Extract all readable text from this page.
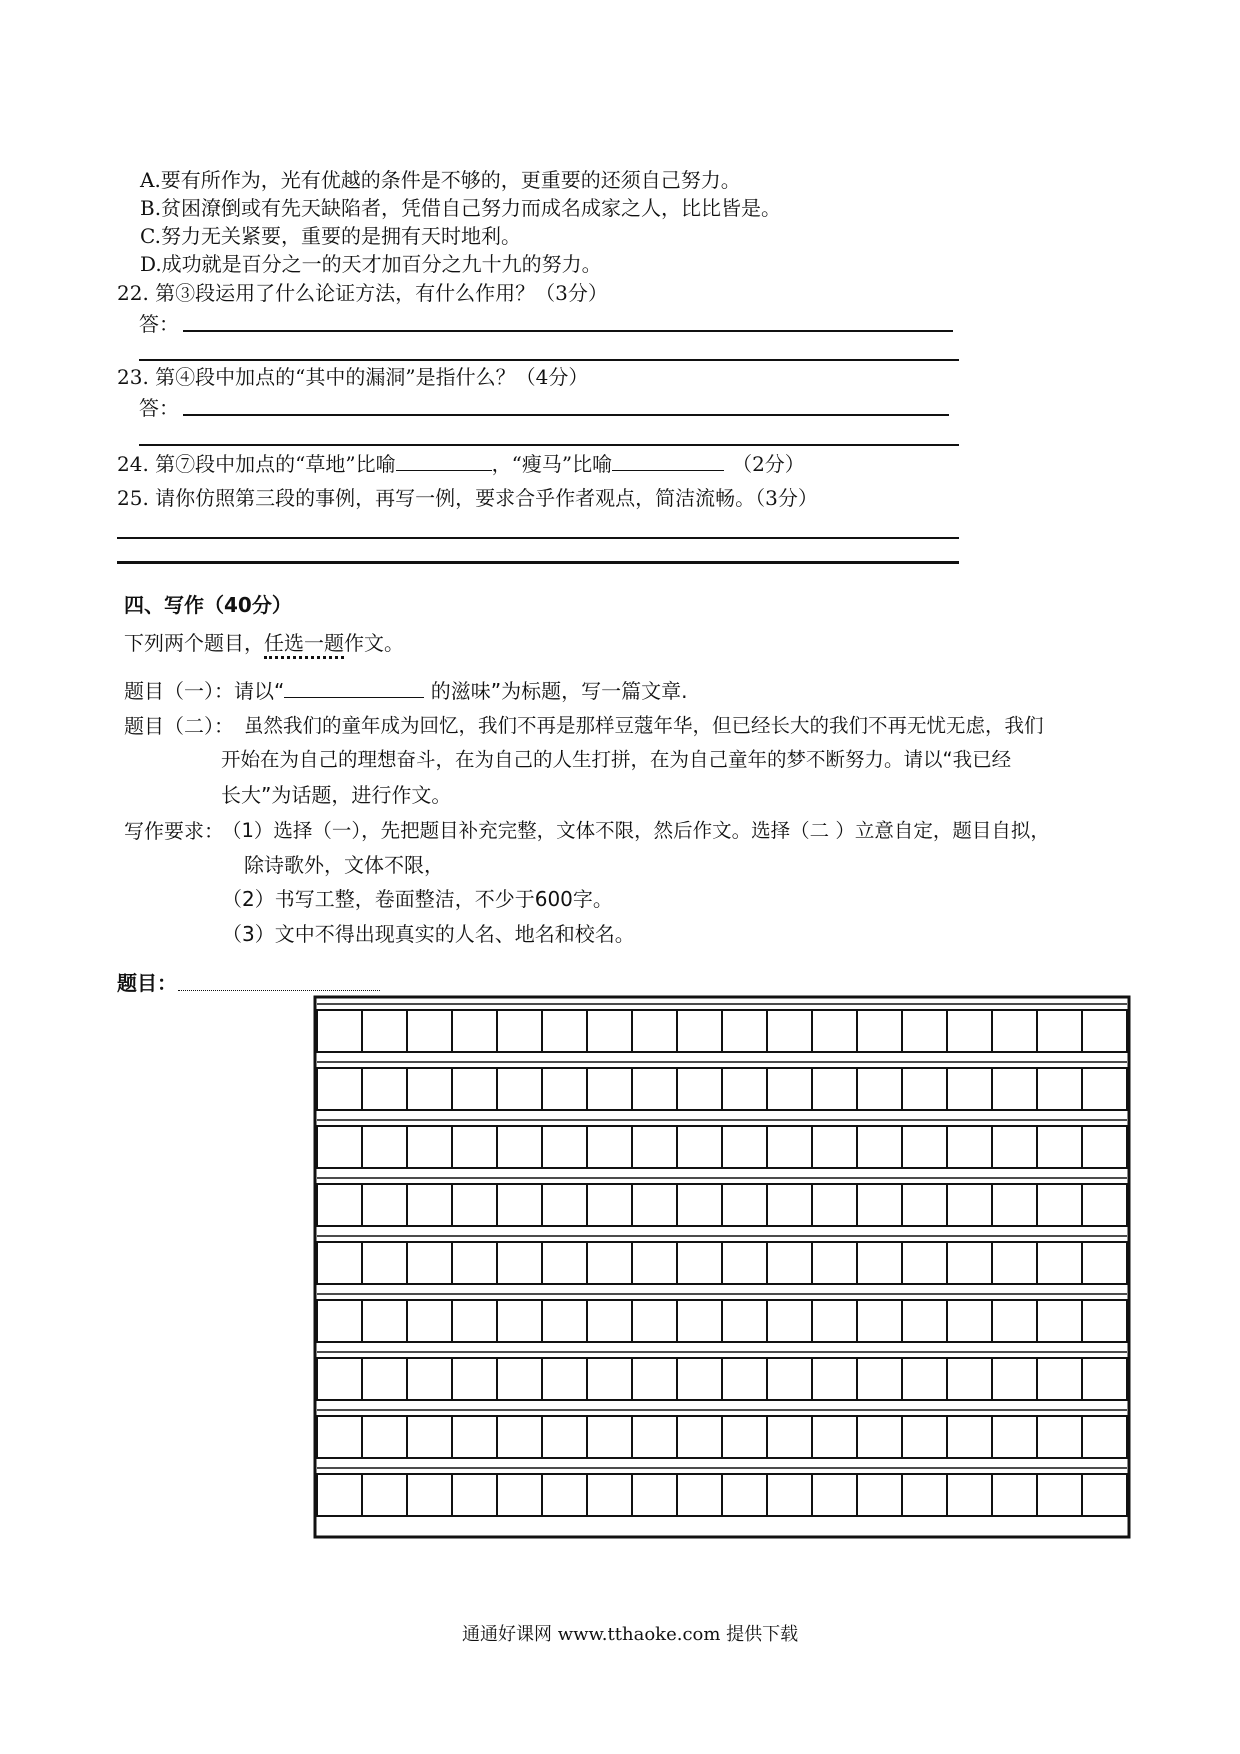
A.要有所作为，光有优越的条件是不够的，更重要的还须自己努力。
B.贫困潦倒或有先天缺陷者，凭借自己努力而成名成家之人，比比皆是。
C.努力无关紧要，重要的是拥有天时地利。
D.成功就是百分之一的天才加百分之九十九的努力。
22. 第③段运用了什么论证方法，有什么作用？（3分）
答：
23. 第④段中加点的“其中的漏洞”是指什么？（4分）
答：
24. 第⑦段中加点的“草地”比喻	，“瘦马”比喻	（2分）
25. 请你仿照第三段的事例，再写一例，要求合乎作者观点，简洁流畅。（3分）
四、写作（40分）
下列两个题目，任选一题作文。
题目（一）：请以“	的滋味”为标题，写一篇文章.
题目（二）： 虽然我们的童年成为回忆，我们不再是那样豆蔻年华，但已经长大的我们不再无忧无虑，我们
开始在为自己的理想奋斗，在为自己的人生打拼，在为自己童年的梦不断努力。请以“我已经
长大”为话题，进行作文。
写作要求：
（1）选择（一），先把题目补充完整，文体不限，然后作文。选择（二 ）立意自定，题目自拟，
除诗歌外，文体不限，
（2）书写工整，卷面整洁，不少于600字。
（3）文中不得出现真实的人名、地名和校名。
题目：
通通好课网 www.tthaoke.com 提供下载
